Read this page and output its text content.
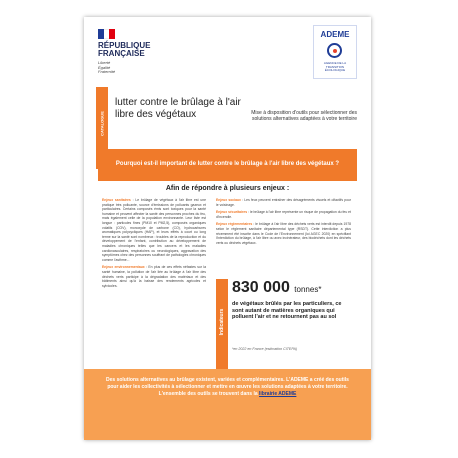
RÉPUBLIQUE
FRANÇAISE
Liberté
Égalité
Fraternité
ADEME
AGENCE DE LA TRANSITION ÉCOLOGIQUE
CATALOGUE
lutter contre le brûlage à l'air libre des végétaux	Mise à disposition d'outils pour sélectionner des solutions alternatives adaptées à votre territoire
Pourquoi est-il important de lutter contre le brûlage à l'air libre des végétaux ?
Afin de répondre à plusieurs enjeux :

Enjeux sanitaires : Le brûlage de végétaux à l'air libre est une pratique très polluante, source d'émissions de polluants gazeux et particulaires. Certains composés émis sont toxiques pour la santé humaine et peuvent affecter la santé des personnes proches du feu, mais également celle de la population environnante. Leur liste est longue : particules fines (PM10 et PM2,5), composés organiques volatils (COV), monoxyde de carbone (CO), hydrocarbures aromatiques polycycliques (HAP), et leurs effets à court ou long terme sur la santé sont nombreux : troubles de la reproduction et du développement de l'enfant, contribution au développement de maladies chroniques telles que les cancers et les maladies cardiovasculaires, respiratoires ou neurologiques, aggravation des symptômes chez des personnes souffrant de pathologies chroniques comme l'asthme...

Enjeux environnementaux : En plus de ces effets néfastes sur la santé humaine, la pollution de l'air liée au brûlage à l'air libre des déchets verts participe à la dégradation des matériaux et des bâtiments ainsi qu'à la baisse des rendements agricoles et sylvicoles.

Enjeux sociaux : Les feux peuvent entraîner des désagréments visuels et olfactifs pour le voisinage.

Enjeux sécuritaires : le brûlage à l'air libre représente un risque de propagation du feu et d'incendie.

Enjeux réglementaires : le brûlage à l'air libre des déchets verts est interdit depuis 1978 selon le règlement sanitaire départemental type (RSDT). Cette interdiction a plus récemment été inscrite dans le Code de l'Environnement (loi AGEC 2020) en spécifiant l'interdiction du brûlage, à l'air libre ou avec incinérateur, des biodéchets dont les déchets verts ou déchets végétaux.

Indicateurs
830 000 tonnes*
de végétaux brûlés par les particuliers, ce sont autant de matières organiques qui polluent l'air et ne retournent pas au sol
*en 2022 en France (estimation CITEPA)
Des solutions alternatives au brûlage existent, variées et complémentaires. L'ADEME a créé des outils pour aider les collectivités à sélectionner et mettre en œuvre les solutions adaptées à votre territoire. L'ensemble des outils se trouvent dans la librairie ADEME
